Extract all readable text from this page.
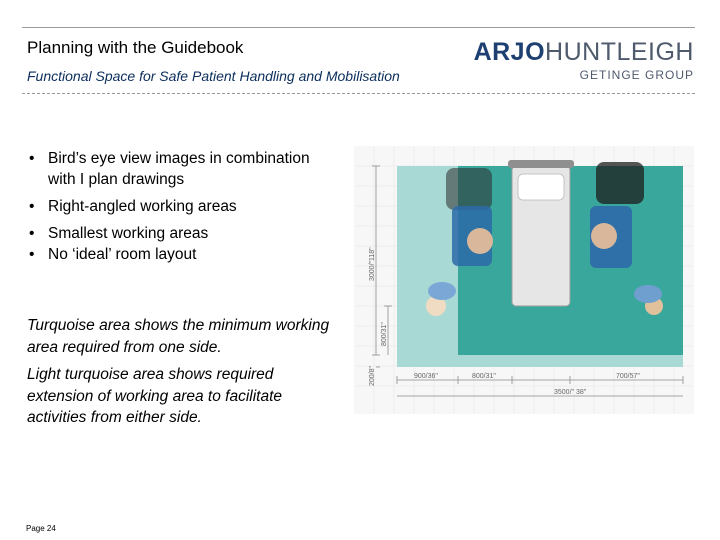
Planning with the Guidebook
Functional Space for Safe Patient Handling and Mobilisation
ARJOHUNTLEIGH
GETINGE GROUP
• Bird’s eye view images in combination with I plan drawings
• Right-angled working areas
• Smallest working areas
• No ‘ideal’ room layout
Turquoise area shows the minimum working area required from one side.
Light turquoise area shows required extension of working area to facilitate activities from either side.
3000/"118"
800/31"
200/8"	900/36"	800/31"	700/57"
3500/" 38"
Page 24
